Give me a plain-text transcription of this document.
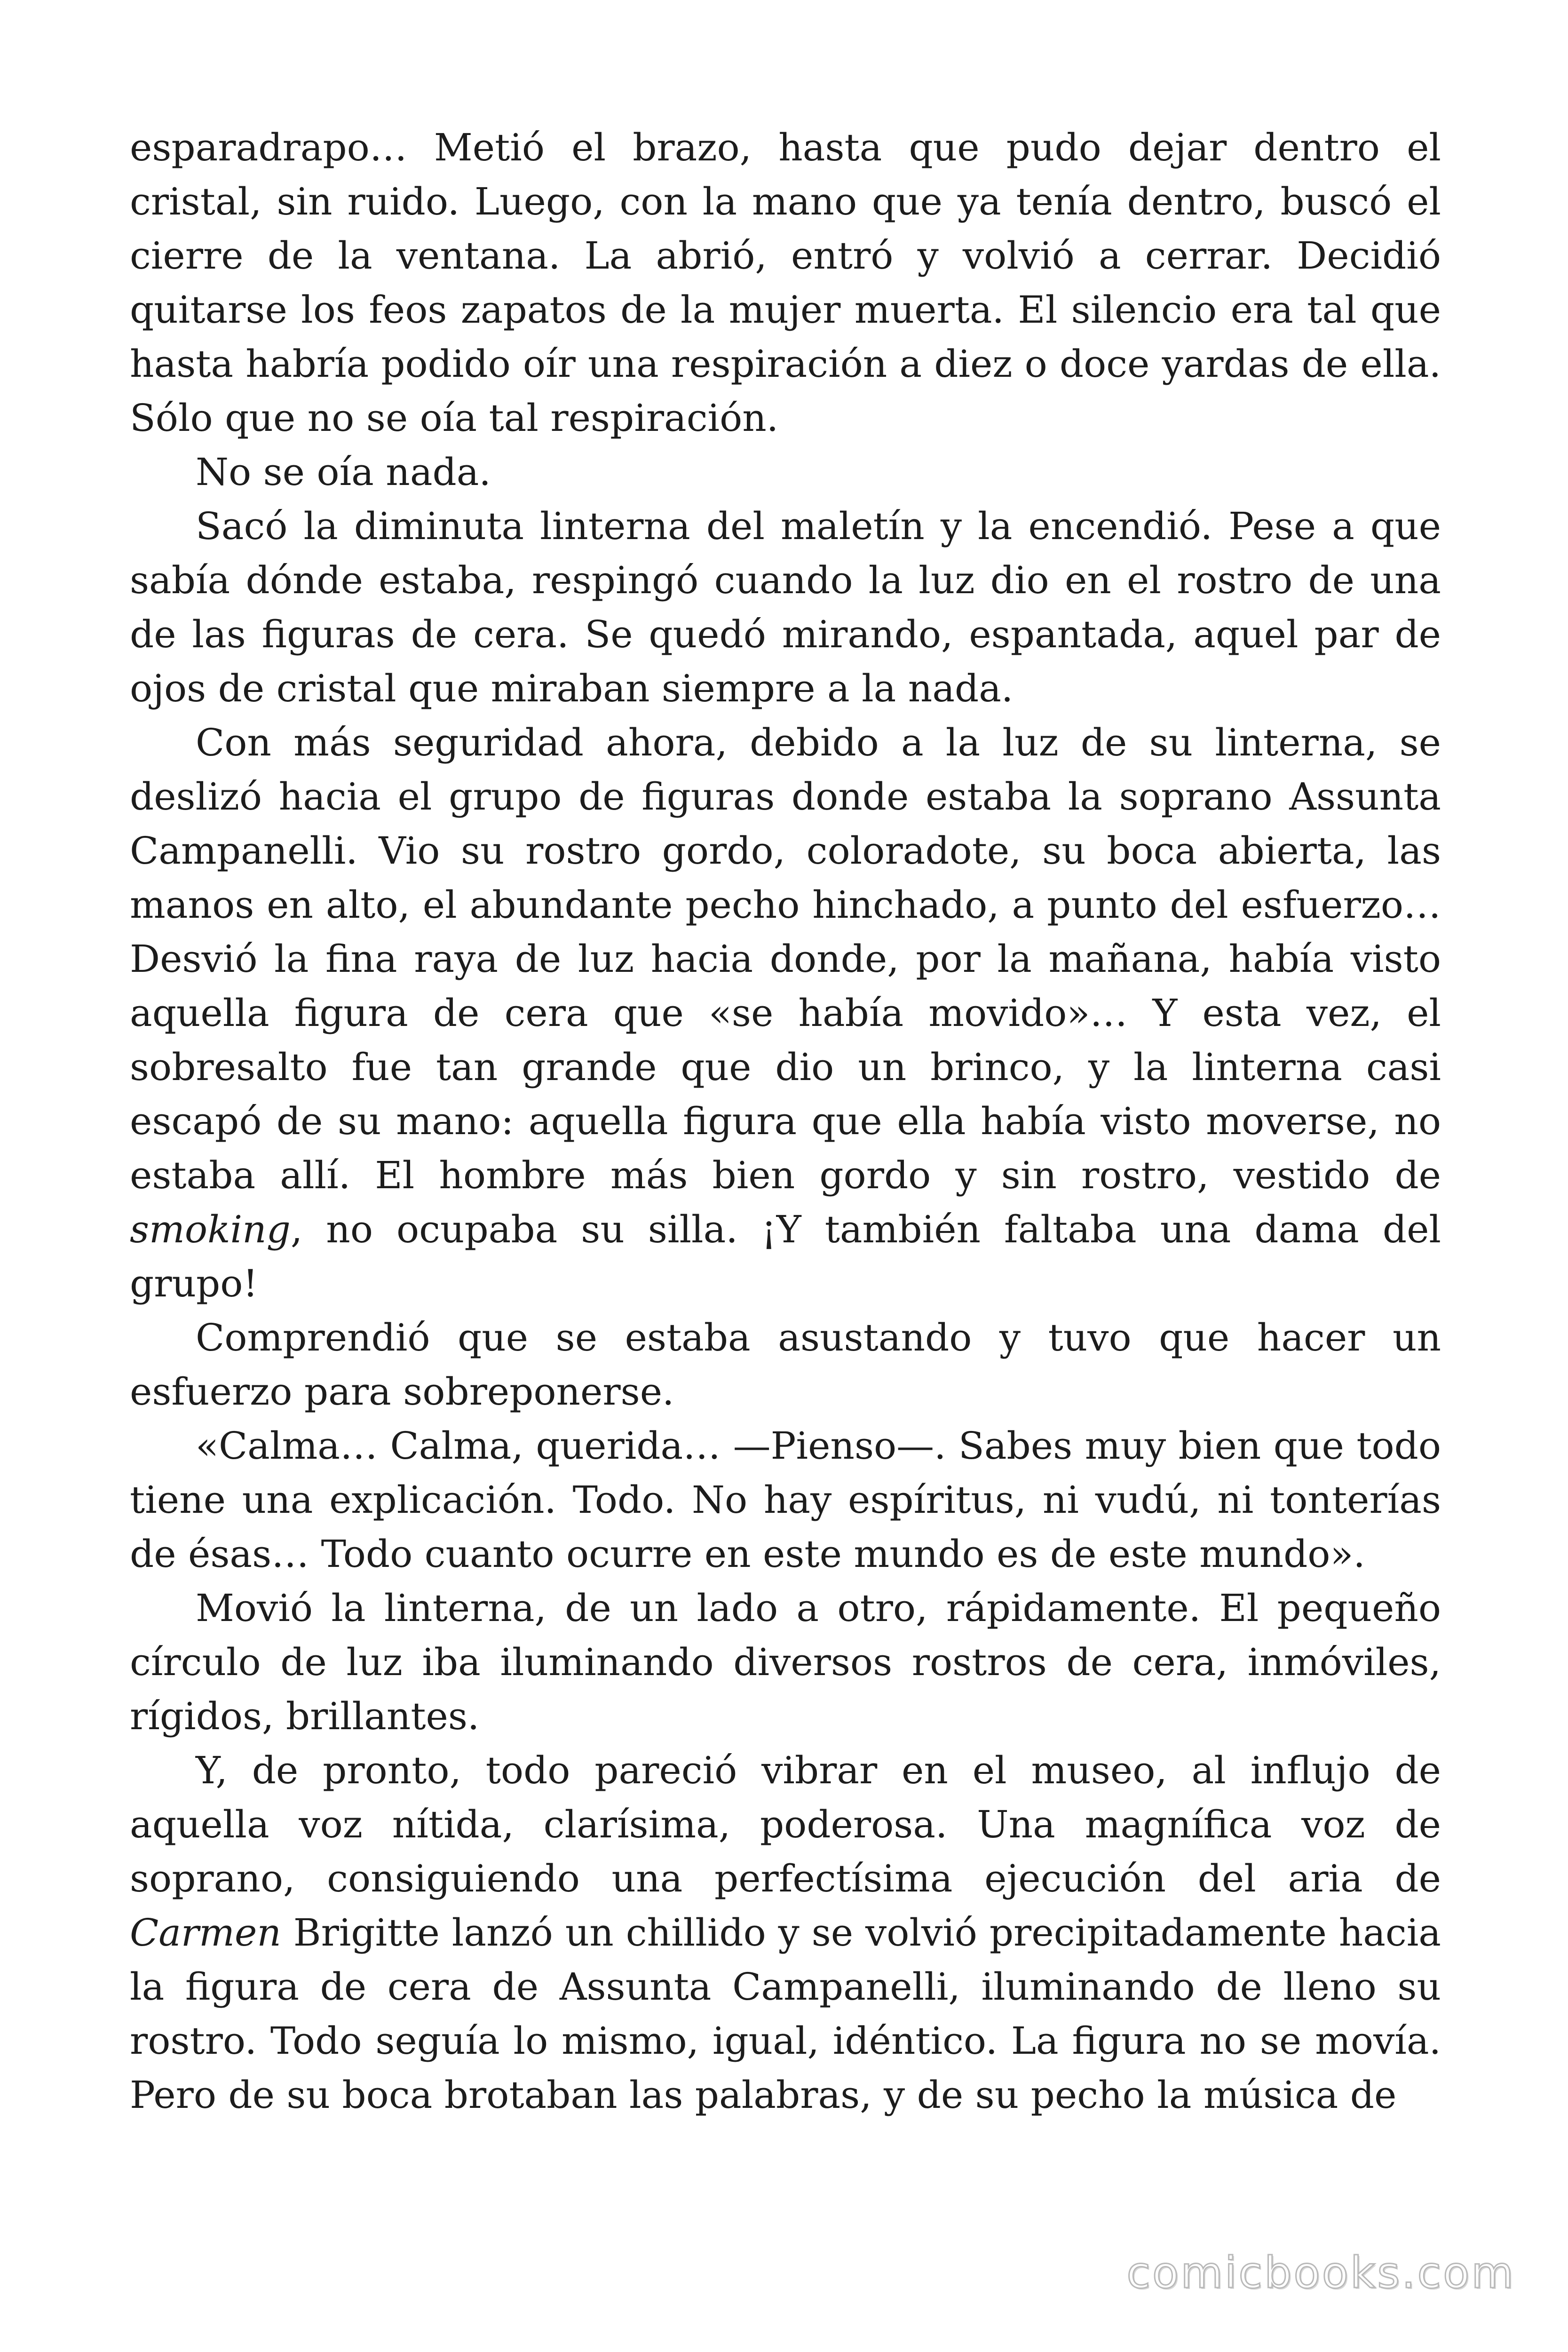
esparadrapo… Metió el brazo, hasta que pudo dejar dentro el cristal, sin ruido. Luego, con la mano que ya tenía dentro, buscó el cierre de la ventana. La abrió, entró y volvió a cerrar. Decidió quitarse los feos zapatos de la mujer muerta. El silencio era tal que hasta habría podido oír una respiración a diez o doce yardas de ella. Sólo que no se oía tal respiración.

No se oía nada.

Sacó la diminuta linterna del maletín y la encendió. Pese a que sabía dónde estaba, respingó cuando la luz dio en el rostro de una de las figuras de cera. Se quedó mirando, espantada, aquel par de ojos de cristal que miraban siempre a la nada.

Con más seguridad ahora, debido a la luz de su linterna, se deslizó hacia el grupo de figuras donde estaba la soprano Assunta Campanelli. Vio su rostro gordo, coloradote, su boca abierta, las manos en alto, el abundante pecho hinchado, a punto del esfuerzo… Desvió la fina raya de luz hacia donde, por la mañana, había visto aquella figura de cera que «se había movido»… Y esta vez, el sobresalto fue tan grande que dio un brinco, y la linterna casi escapó de su mano: aquella figura que ella había visto moverse, no estaba allí. El hombre más bien gordo y sin rostro, vestido de smoking, no ocupaba su silla. ¡Y también faltaba una dama del grupo!

Comprendió que se estaba asustando y tuvo que hacer un esfuerzo para sobreponerse.

«Calma… Calma, querida… —Pienso—. Sabes muy bien que todo tiene una explicación. Todo. No hay espíritus, ni vudú, ni tonterías de ésas… Todo cuanto ocurre en este mundo es de este mundo».

Movió la linterna, de un lado a otro, rápidamente. El pequeño círculo de luz iba iluminando diversos rostros de cera, inmóviles, rígidos, brillantes.

Y, de pronto, todo pareció vibrar en el museo, al influjo de aquella voz nítida, clarísima, poderosa. Una magnífica voz de soprano, consiguiendo una perfectísima ejecución del aria de Carmen Brigitte lanzó un chillido y se volvió precipitadamente hacia la figura de cera de Assunta Campanelli, iluminando de lleno su rostro. Todo seguía lo mismo, igual, idéntico. La figura no se movía. Pero de su boca brotaban las palabras, y de su pecho la música de

comicbooks.com
